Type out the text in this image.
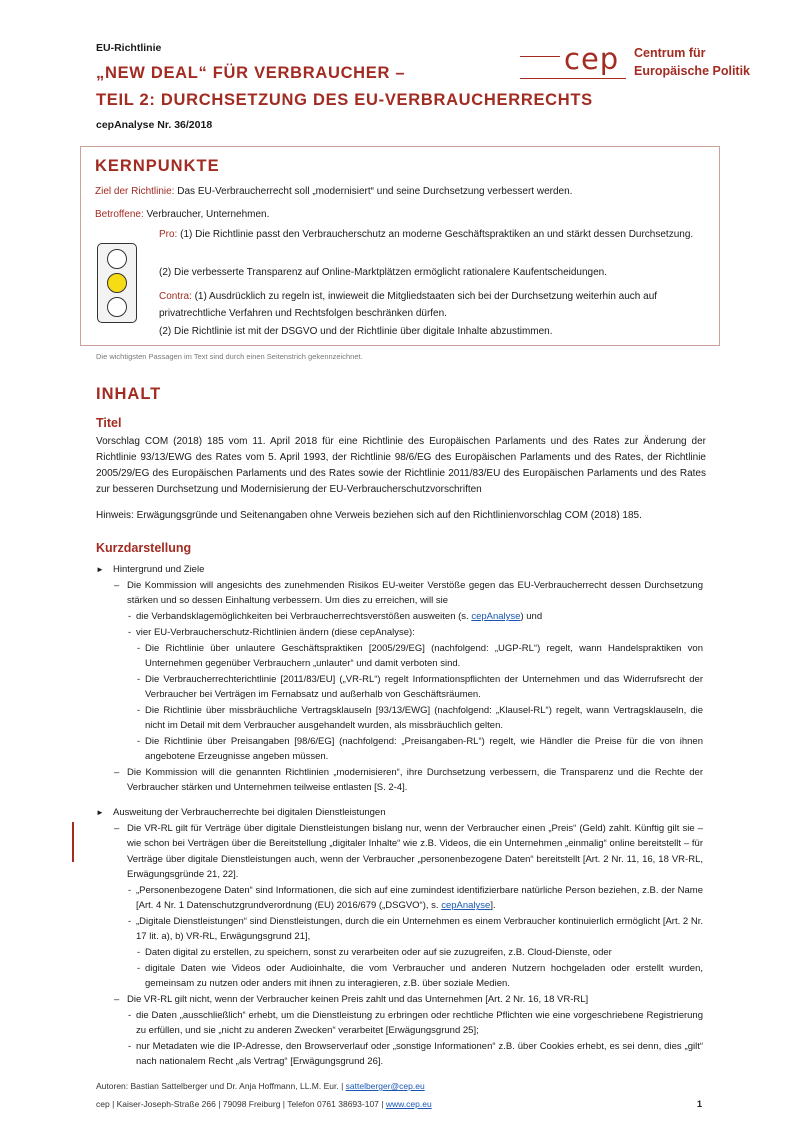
EU-Richtlinie
„NEW DEAL“ FÜR VERBRAUCHER –
TEIL 2: DURCHSETZUNG DES EU-VERBRAUCHERRECHTS
cepAnalyse Nr. 36/2018
cep Centrum für
Europäische Politik
KERNPUNKTE
Ziel der Richtlinie: Das EU-Verbraucherrecht soll „modernisiert“ und seine Durchsetzung verbessert werden.
Betroffene: Verbraucher, Unternehmen.
Pro: (1) Die Richtlinie passt den Verbraucherschutz an moderne Geschäftspraktiken an und stärkt dessen Durchsetzung.
(2) Die verbesserte Transparenz auf Online-Marktplätzen ermöglicht rationalere Kaufentscheidungen.
Contra: (1) Ausdrücklich zu regeln ist, inwieweit die Mitgliedstaaten sich bei der Durchsetzung weiterhin auch auf privatrechtliche Verfahren und Rechtsfolgen beschränken dürfen.
(2) Die Richtlinie ist mit der DSGVO und der Richtlinie über digitale Inhalte abzustimmen.
Die wichtigsten Passagen im Text sind durch einen Seitenstrich gekennzeichnet.
INHALT
Titel
Vorschlag COM (2018) 185 vom 11. April 2018 für eine Richtlinie des Europäischen Parlaments und des Rates zur Änderung der Richtlinie 93/13/EWG des Rates vom 5. April 1993, der Richtlinie 98/6/EG des Europäischen Parlaments und des Rates, der Richtlinie 2005/29/EG des Europäischen Parlaments und des Rates sowie der Richtlinie 2011/83/EU des Europäischen Parlaments und des Rates zur besseren Durchsetzung und Modernisierung der EU-Verbraucherschutzvorschriften
Hinweis: Erwägungsgründe und Seitenangaben ohne Verweis beziehen sich auf den Richtlinienvorschlag COM (2018) 185.
Kurzdarstellung
► Hintergrund und Ziele
– Die Kommission will angesichts des zunehmenden Risikos EU-weiter Verstöße gegen das EU-Verbraucherrecht dessen Durchsetzung stärken und so dessen Einhaltung verbessern. Um dies zu erreichen, will sie
- die Verbandsklagemöglichkeiten bei Verbraucherrechtsverstößen ausweiten (s. cepAnalyse) und
- vier EU-Verbraucherschutz-Richtlinien ändern (diese cepAnalyse):
- Die Richtlinie über unlautere Geschäftspraktiken [2005/29/EG] (nachfolgend: „UGP-RL“) regelt, wann Handelspraktiken von Unternehmen gegenüber Verbrauchern „unlauter“ und damit verboten sind.
- Die Verbraucherrechterichtlinie [2011/83/EU] („VR-RL“) regelt Informationspflichten der Unternehmen und das Widerrufsrecht der Verbraucher bei Verträgen im Fernabsatz und außerhalb von Geschäftsräumen.
- Die Richtlinie über missbräuchliche Vertragsklauseln [93/13/EWG] (nachfolgend: „Klausel-RL“) regelt, wann Vertragsklauseln, die nicht im Detail mit dem Verbraucher ausgehandelt wurden, als missbräuchlich gelten.
- Die Richtlinie über Preisangaben [98/6/EG] (nachfolgend: „Preisangaben-RL“) regelt, wie Händler die Preise für die von ihnen angebotene Erzeugnisse angeben müssen.
– Die Kommission will die genannten Richtlinien „modernisieren“, ihre Durchsetzung verbessern, die Transparenz und die Rechte der Verbraucher stärken und Unternehmen teilweise entlasten [S. 2-4].
► Ausweitung der Verbraucherrechte bei digitalen Dienstleistungen
– Die VR-RL gilt für Verträge über digitale Dienstleistungen bislang nur, wenn der Verbraucher einen „Preis“ (Geld) zahlt. Künftig gilt sie – wie schon bei Verträgen über die Bereitstellung „digitaler Inhalte“ wie z.B. Videos, die ein Unternehmen „einmalig“ online bereitstellt – für Verträge über digitale Dienstleistungen auch, wenn der Verbraucher „personenbezogene Daten“ bereitstellt [Art. 2 Nr. 11, 16, 18 VR-RL, Erwägungsgründe 21, 22].
- „Personenbezogene Daten“ sind Informationen, die sich auf eine zumindest identifizierbare natürliche Person beziehen, z.B. der Name [Art. 4 Nr. 1 Datenschutzgrundverordnung (EU) 2016/679 („DSGVO“), s. cepAnalyse].
- „Digitale Dienstleistungen“ sind Dienstleistungen, durch die ein Unternehmen es einem Verbraucher kontinuierlich ermöglicht [Art. 2 Nr. 17 lit. a), b) VR-RL, Erwägungsgrund 21],
- Daten digital zu erstellen, zu speichern, sonst zu verarbeiten oder auf sie zuzugreifen, z.B. Cloud-Dienste, oder
- digitale Daten wie Videos oder Audioinhalte, die vom Verbraucher und anderen Nutzern hochgeladen oder erstellt wurden, gemeinsam zu nutzen oder anders mit ihnen zu interagieren, z.B. über soziale Medien.
– Die VR-RL gilt nicht, wenn der Verbraucher keinen Preis zahlt und das Unternehmen [Art. 2 Nr. 16, 18 VR-RL]
- die Daten „ausschließlich“ erhebt, um die Dienstleistung zu erbringen oder rechtliche Pflichten wie eine vorgeschriebene Registrierung zu erfüllen, und sie „nicht zu anderen Zwecken“ verarbeitet [Erwägungsgrund 25];
- nur Metadaten wie die IP-Adresse, den Browserverlauf oder „sonstige Informationen“ z.B. über Cookies erhebt, es sei denn, dies „gilt“ nach nationalem Recht „als Vertrag“ [Erwägungsgrund 26].
Autoren: Bastian Sattelberger und Dr. Anja Hoffmann, LL.M. Eur. | sattelberger@cep.eu
cep | Kaiser-Joseph-Straße 266 | 79098 Freiburg | Telefon 0761 38693-107 | www.cep.eu	1
